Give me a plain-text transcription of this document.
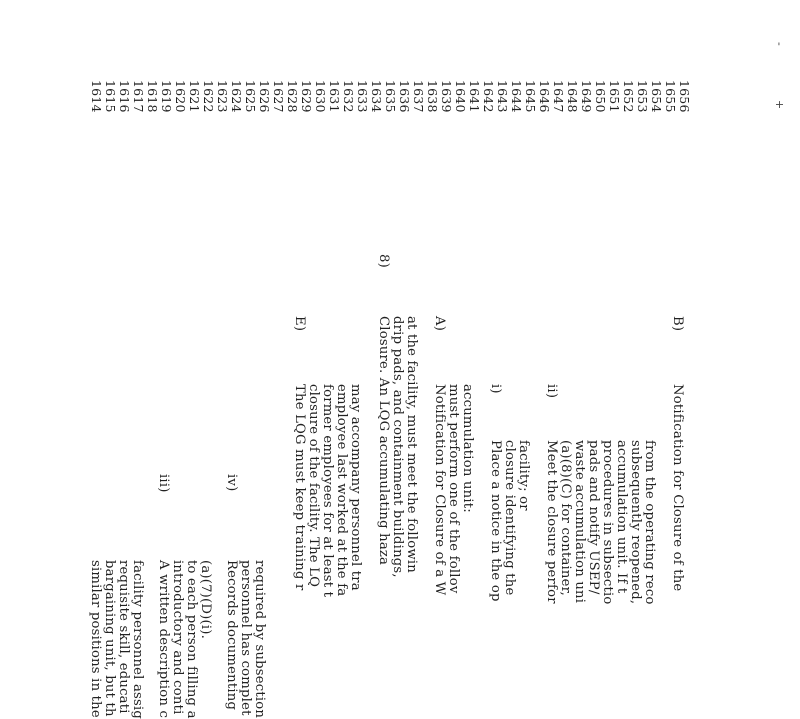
1614 1615 1616 1617 1618 1619 1620 1621 1622 1623 1624 1625 1626 1627 1628 1629 1630 1631 1632 1633 1634 1635 1636 1637 1638 1639 1640 1641 1642 1643 1644 1645 1646 1647 1648 1649 1650 1651 1652 1653 1654 1655 1656
similar positions in the bargaining unit, but th requisite skill, educati facility personnel assig
iii)
A written description c introductory and conti to each person filling a (a)(7)(D)(i).
iv)
Records documenting personnel has complet required by subsection
E)
The LQG must keep training r closure of the facility. The LQ former employees for at least t employee last worked at the fa may accompany personnel tra
8)
Closure. An LQG accumulating haza drip pads, and containment buildings, at the facility, must meet the followin A)
Notification for Closure of a W must perform one of the follov accumulation unit: i)
Place a notice in the op closure identifying the facility; or
ii)
Meet the closure perfor (a)(8)(C) for container, waste accumulation uni pads and notify USEP/ procedures in subsectio accumulation unit. If t subsequently reopened, from the operating reco
B)
Notification for Closure of the
-
+
